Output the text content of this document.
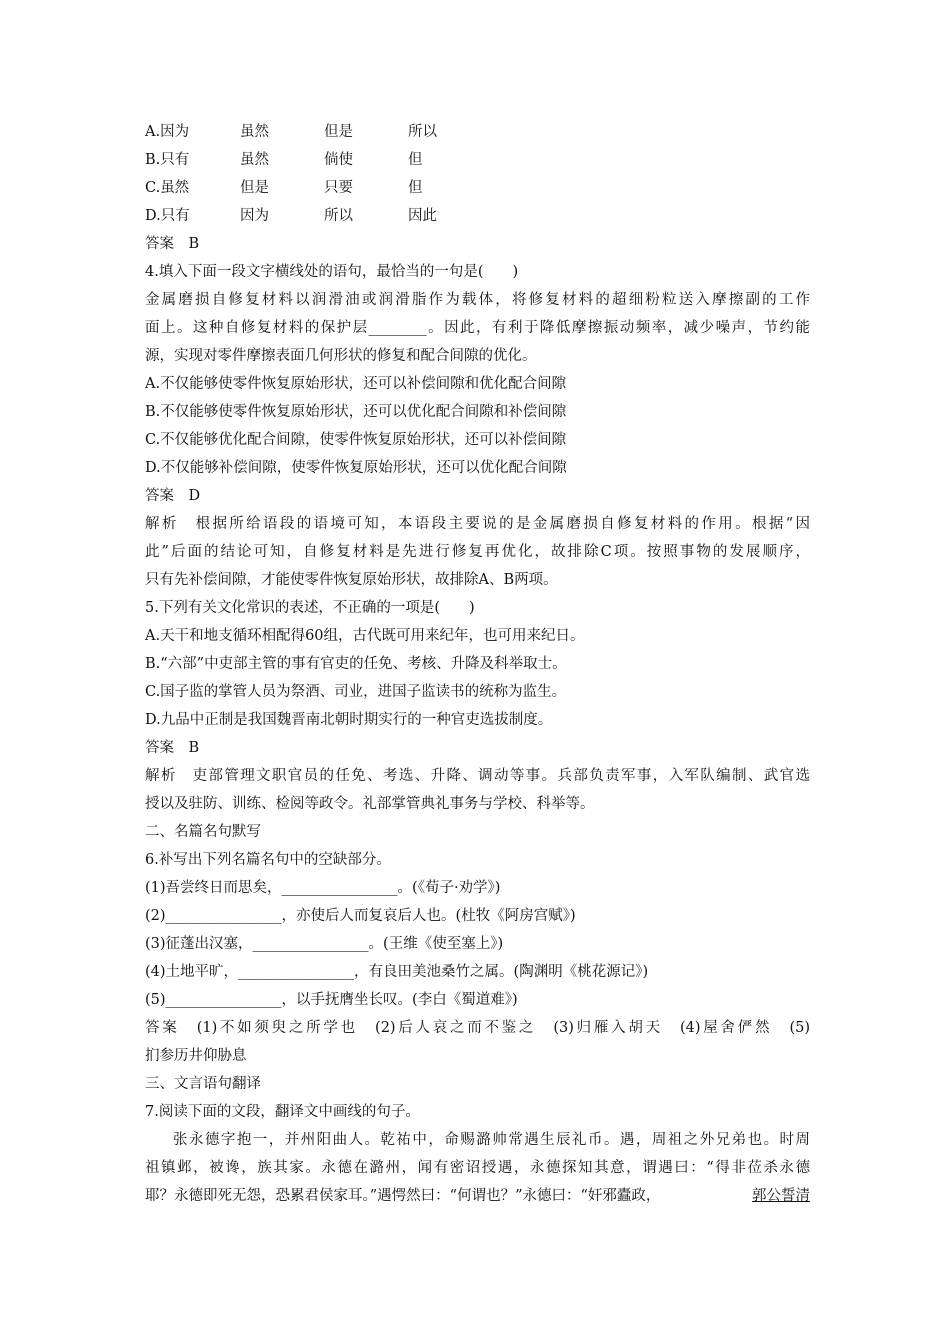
A.因为	虽然	但是	所以
B.只有	虽然	倘使	但
C.虽然	但是	只要	但
D.只有	因为	所以	因此
答案　B
4.填入下面一段文字横线处的语句，最恰当的一句是(　　)
金属磨损自修复材料以润滑油或润滑脂作为载体，将修复材料的超细粉粒送入摩擦副的工作
面上。这种自修复材料的保护层________。因此，有利于降低摩擦振动频率，减少噪声，节约能
源，实现对零件摩擦表面几何形状的修复和配合间隙的优化。
A.不仅能够使零件恢复原始形状，还可以补偿间隙和优化配合间隙
B.不仅能够使零件恢复原始形状，还可以优化配合间隙和补偿间隙
C.不仅能够优化配合间隙，使零件恢复原始形状，还可以补偿间隙
D.不仅能够补偿间隙，使零件恢复原始形状，还可以优化配合间隙
答案　D
解析　根据所给语段的语境可知，本语段主要说的是金属磨损自修复材料的作用。根据“因
此”后面的结论可知，自修复材料是先进行修复再优化，故排除C项。按照事物的发展顺序，
只有先补偿间隙，才能使零件恢复原始形状，故排除A、B两项。
5.下列有关文化常识的表述，不正确的一项是(　　)
A.天干和地支循环相配得60组，古代既可用来纪年，也可用来纪日。
B.“六部”中吏部主管的事有官吏的任免、考核、升降及科举取士。
C.国子监的掌管人员为祭酒、司业，进国子监读书的统称为监生。
D.九品中正制是我国魏晋南北朝时期实行的一种官吏选拔制度。
答案　B
解析　吏部管理文职官员的任免、考选、升降、调动等事。兵部负责军事，入军队编制、武官选
授以及驻防、训练、检阅等政令。礼部掌管典礼事务与学校、科举等。
二、名篇名句默写
6.补写出下列名篇名句中的空缺部分。
(1)吾尝终日而思矣，________________。(《荀子·劝学》)
(2)________________，亦使后人而复哀后人也。(杜牧《阿房宫赋》)
(3)征蓬出汉塞，________________。(王维《使至塞上》)
(4)土地平旷，________________，有良田美池桑竹之属。(陶渊明《桃花源记》)
(5)________________，以手抚膺坐长叹。(李白《蜀道难》)
答案　(1)不如须臾之所学也　(2)后人哀之而不鉴之　(3)归雁入胡天　(4)屋舍俨然　(5)
扪参历井仰胁息
三、文言语句翻译
7.阅读下面的文段，翻译文中画线的句子。
张永德字抱一，并州阳曲人。乾祐中，命赐潞帅常遇生辰礼币。遇，周祖之外兄弟也。时周
祖镇邺，被谗，族其家。永德在潞州，闻有密诏授遇，永德探知其意，谓遇曰：“得非莅杀永德
耶？永德即死无怨，恐累君侯家耳。”遇愕然曰：“何谓也？”永德曰：“奸邪蠹政，	郭公誓清
